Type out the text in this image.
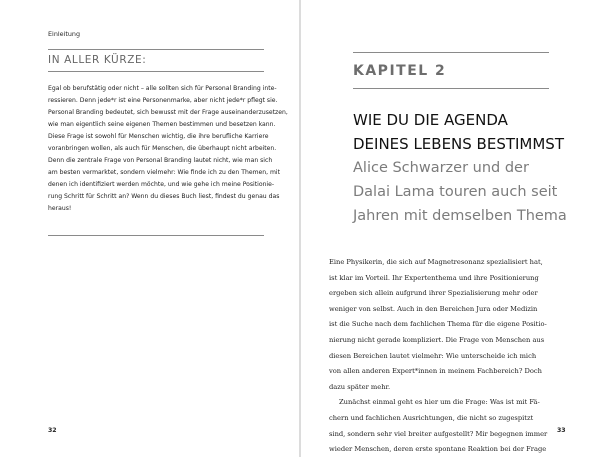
Einleitung
IN ALLER KÜRZE:
Egal ob berufstätig oder nicht – alle sollten sich für Personal Branding inte-
ressieren. Denn jede*r ist eine Personenmarke, aber nicht jede*r pflegt sie.
Personal Branding bedeutet, sich bewusst mit der Frage auseinanderzusetzen,
wie man eigentlich seine eigenen Themen bestimmen und besetzen kann.
Diese Frage ist sowohl für Menschen wichtig, die ihre berufliche Karriere
voranbringen wollen, als auch für Menschen, die überhaupt nicht arbeiten.
Denn die zentrale Frage von Personal Branding lautet nicht, wie man sich
am besten vermarktet, sondern vielmehr: Wie finde ich zu den Themen, mit
denen ich identifiziert werden möchte, und wie gehe ich meine Positionie-
rung Schritt für Schritt an? Wenn du dieses Buch liest, findest du genau das
heraus!
32
KAPITEL 2
WIE DU DIE AGENDA
DEINES LEBENS BESTIMMST
Alice Schwarzer und der
Dalai Lama touren auch seit
Jahren mit demselben Thema
Eine Physikerin, die sich auf Magnetresonanz spezialisiert hat,
ist klar im Vorteil. Ihr Expertenthema und ihre Positionierung
ergeben sich allein aufgrund ihrer Spezialisierung mehr oder
weniger von selbst. Auch in den Bereichen Jura oder Medizin
ist die Suche nach dem fachlichen Thema für die eigene Positio-
nierung nicht gerade kompliziert. Die Frage von Menschen aus
diesen Bereichen lautet vielmehr: Wie unterscheide ich mich
von allen anderen Expert*innen in meinem Fachbereich? Doch
dazu später mehr.
Zunächst einmal geht es hier um die Frage: Was ist mit Fä-
chern und fachlichen Ausrichtungen, die nicht so zugespitzt
sind, sondern sehr viel breiter aufgestellt? Mir begegnen immer
wieder Menschen, deren erste spontane Reaktion bei der Frage
33
